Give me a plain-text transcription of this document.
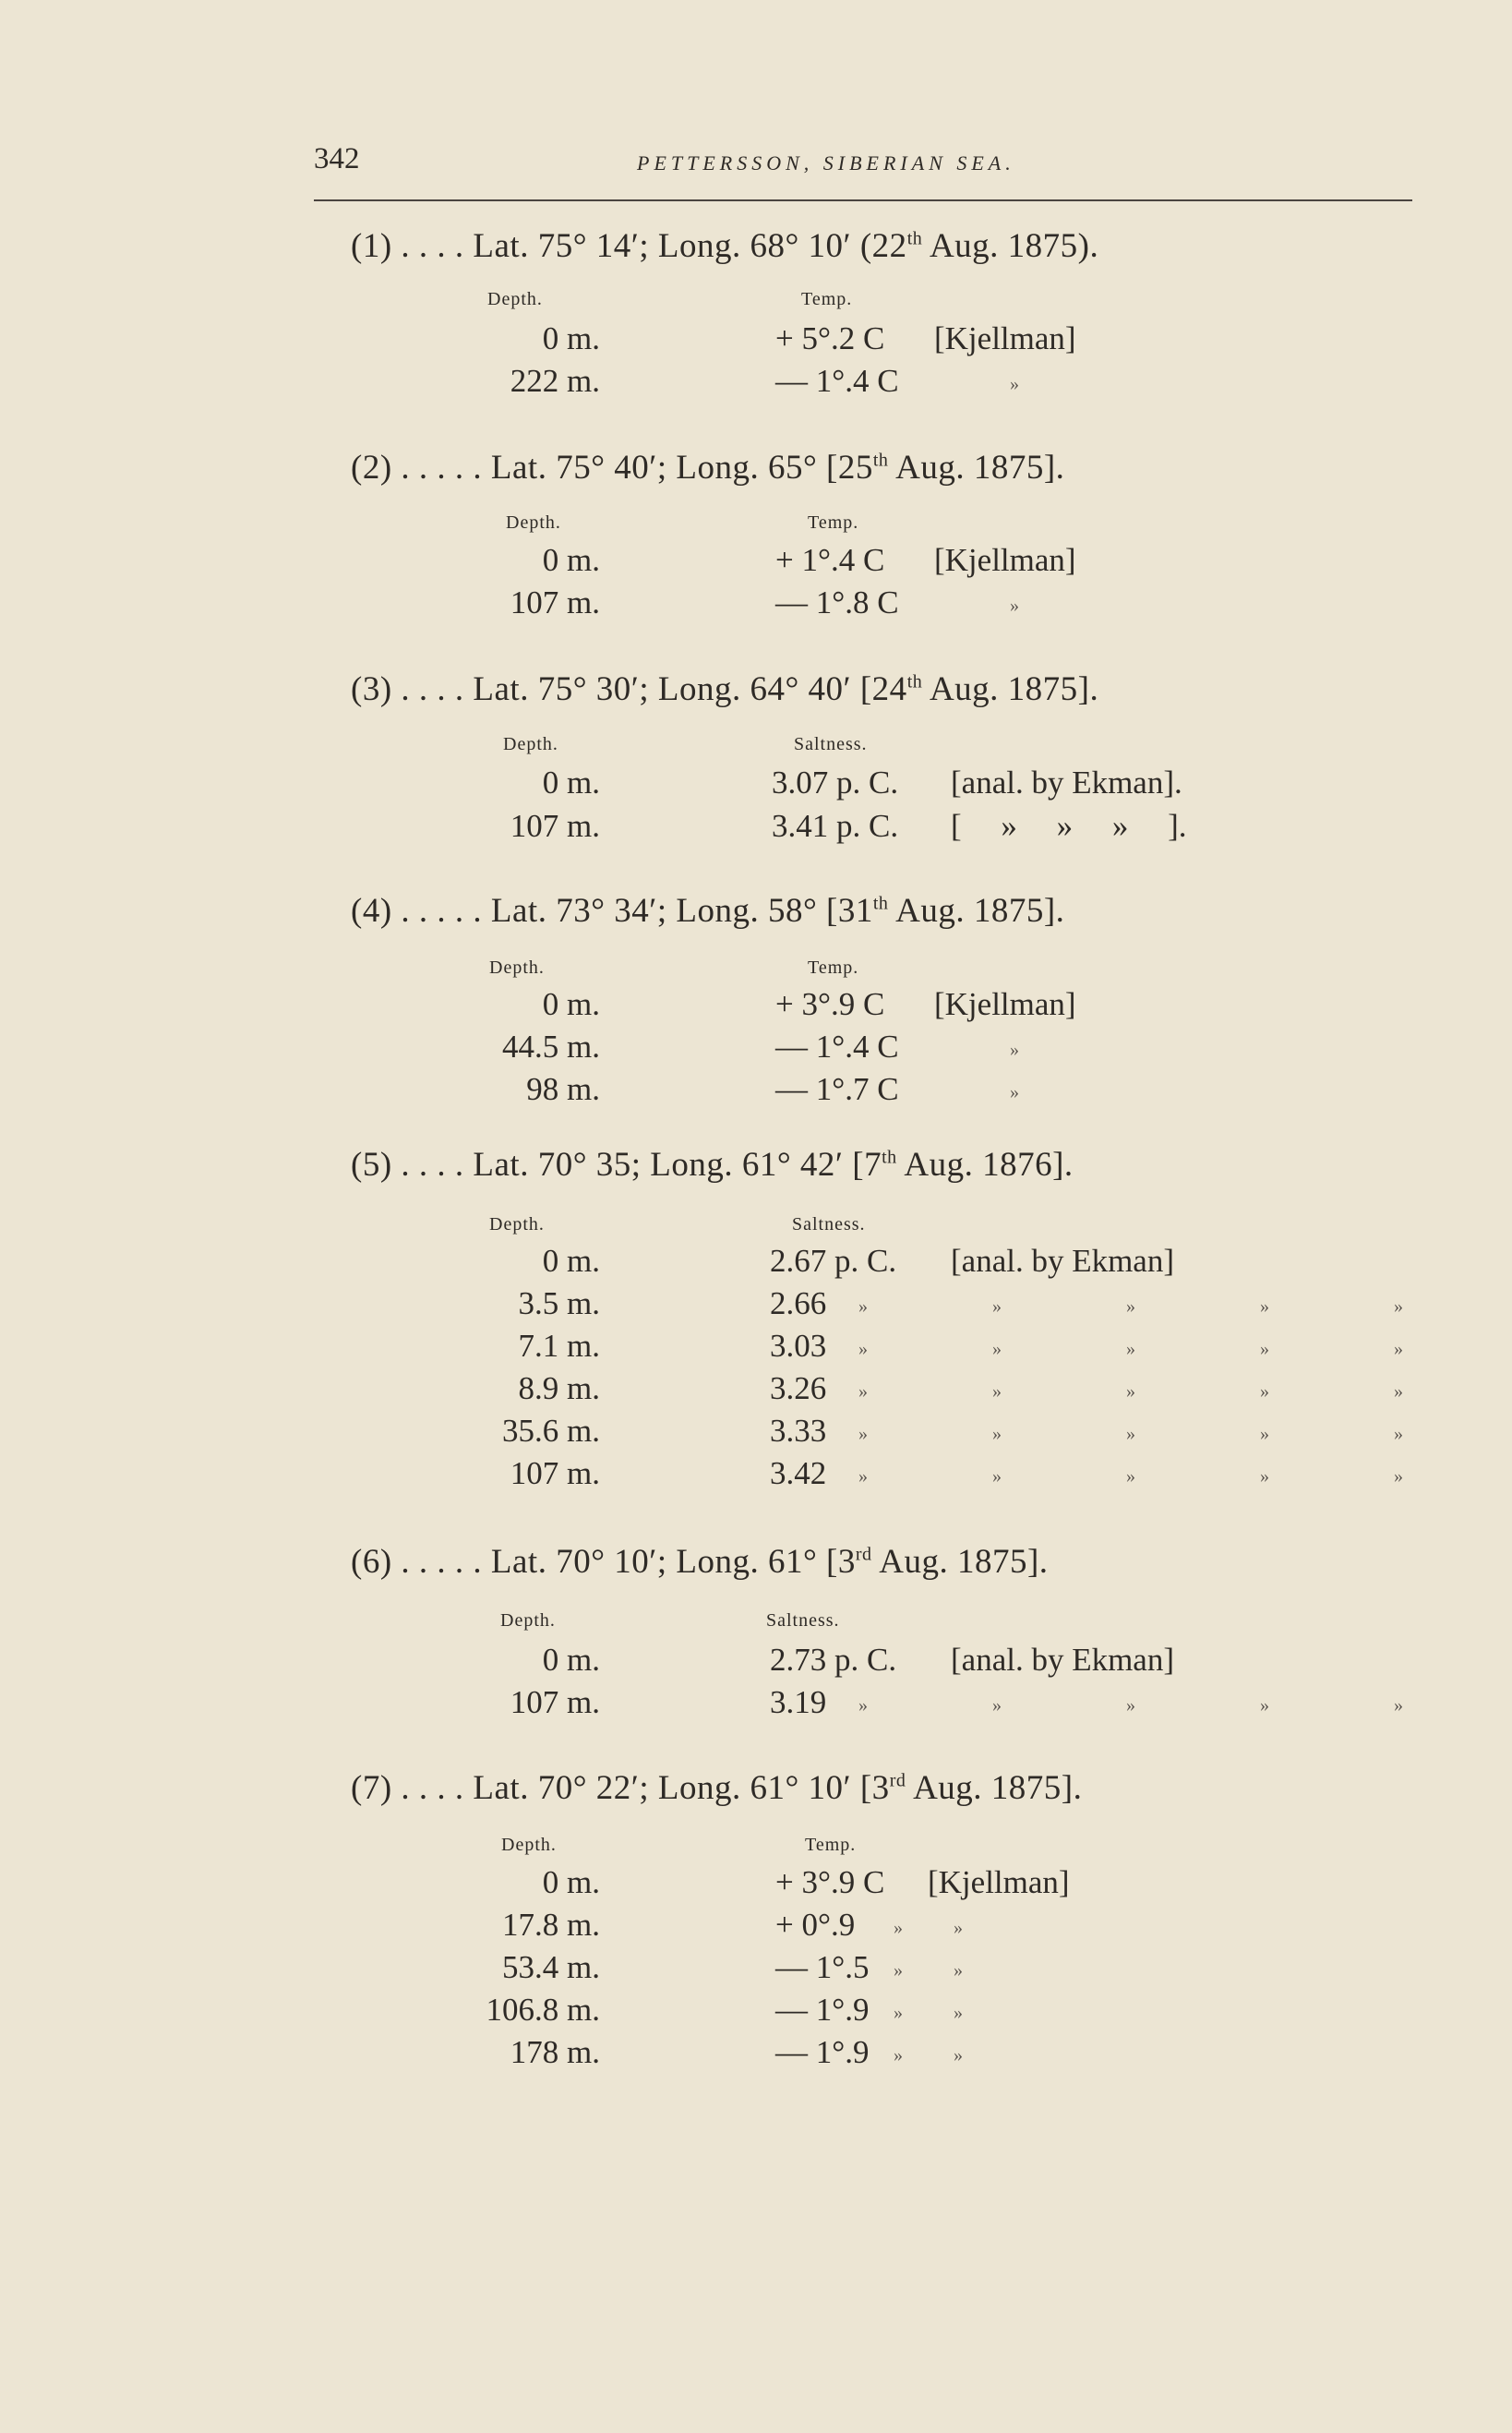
342	PETTERSSON, SIBERIAN SEA.
(1) . . . . Lat. 75° 14′; Long. 68° 10′ (22th Aug. 1875).
Depth.	Temp.
0 m.	+ 5°.2 C [Kjellman]
222 m.	— 1°.4 C	»
(2) . . . . . Lat. 75° 40′; Long. 65° [25th Aug. 1875].
Depth.	Temp.
0 m.	+ 1°.4 C [Kjellman]
107 m.	— 1°.8 C	»
(3) . . . . Lat. 75° 30′; Long. 64° 40′ [24th Aug. 1875].
Depth.	Saltness.
0 m.	3.07 p. C. [anal. by Ekman].
107 m.	3.41 p. C. [ » » » ].
(4) . . . . . Lat. 73° 34′; Long. 58° [31th Aug. 1875].
Depth.	Temp.
0 m.	+ 3°.9 C [Kjellman]
44.5 m.	— 1°.4 C	»
98 m.	— 1°.7 C	»
(5) . . . . Lat. 70° 35; Long. 61° 42′ [7th Aug. 1876].
Depth.	Saltness.
0 m.	2.67 p. C. [anal. by Ekman]
3.5 m.	2.66 »   »   »   »   »
7.1 m.	3.03 »   »   »   »   »
8.9 m.	3.26 »   »   »   »   »
35.6 m.	3.33 »   »   »   »   »
107 m.	3.42 »   »   »   »   »
(6) . . . . . Lat. 70° 10′; Long. 61° [3rd Aug. 1875].
Depth.	Saltness.
0 m.	2.73 p. C. [anal. by Ekman]
107 m.	3.19 »   »   »   »   »
(7) . . . . Lat. 70° 22′; Long. 61° 10′ [3rd Aug. 1875].
Depth.	Temp.
0 m.	+ 3°.9 C [Kjellman]
17.8 m.	+ 0°.9 »           »
53.4 m.	— 1°.5 »           »
106.8 m.	— 1°.9 »           »
178 m.	— 1°.9 »           »
